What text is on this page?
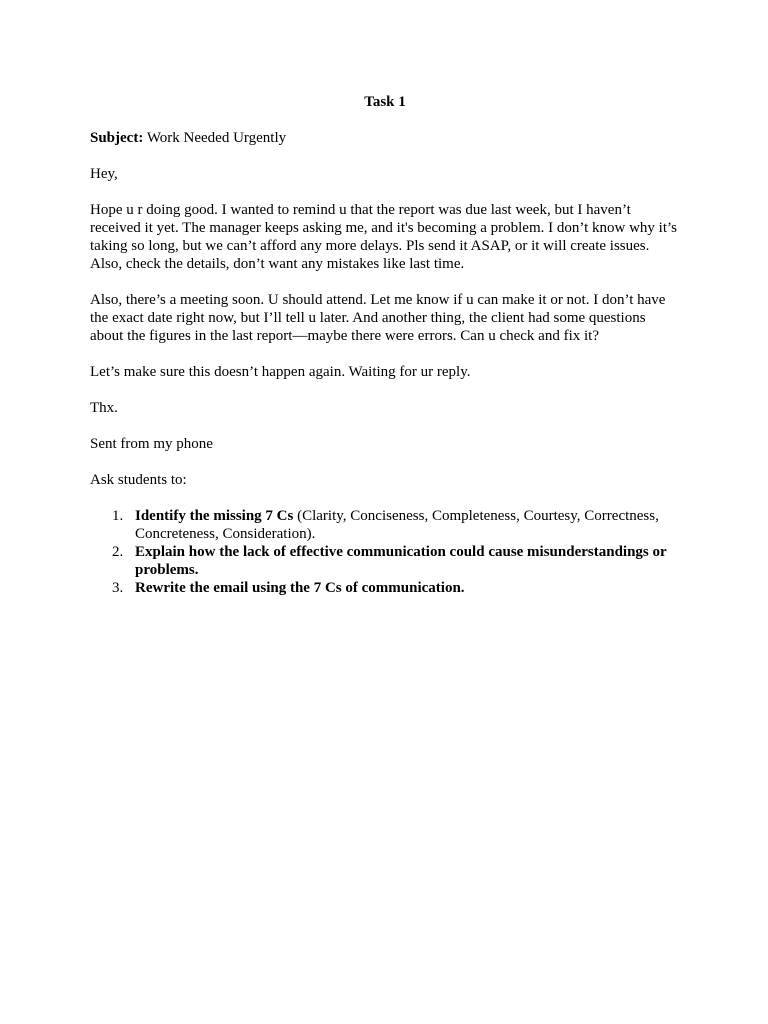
Task 1

Subject: Work Needed Urgently

Hey,

Hope u r doing good. I wanted to remind u that the report was due last week, but I haven’t received it yet. The manager keeps asking me, and it's becoming a problem. I don’t know why it’s taking so long, but we can’t afford any more delays. Pls send it ASAP, or it will create issues. Also, check the details, don’t want any mistakes like last time.

Also, there’s a meeting soon. U should attend. Let me know if u can make it or not. I don’t have the exact date right now, but I’ll tell u later. And another thing, the client had some questions about the figures in the last report—maybe there were errors. Can u check and fix it?

Let’s make sure this doesn’t happen again. Waiting for ur reply.

Thx.

Sent from my phone

Ask students to:

1. Identify the missing 7 Cs (Clarity, Conciseness, Completeness, Courtesy, Correctness, Concreteness, Consideration).
2. Explain how the lack of effective communication could cause misunderstandings or problems.
3. Rewrite the email using the 7 Cs of communication.
